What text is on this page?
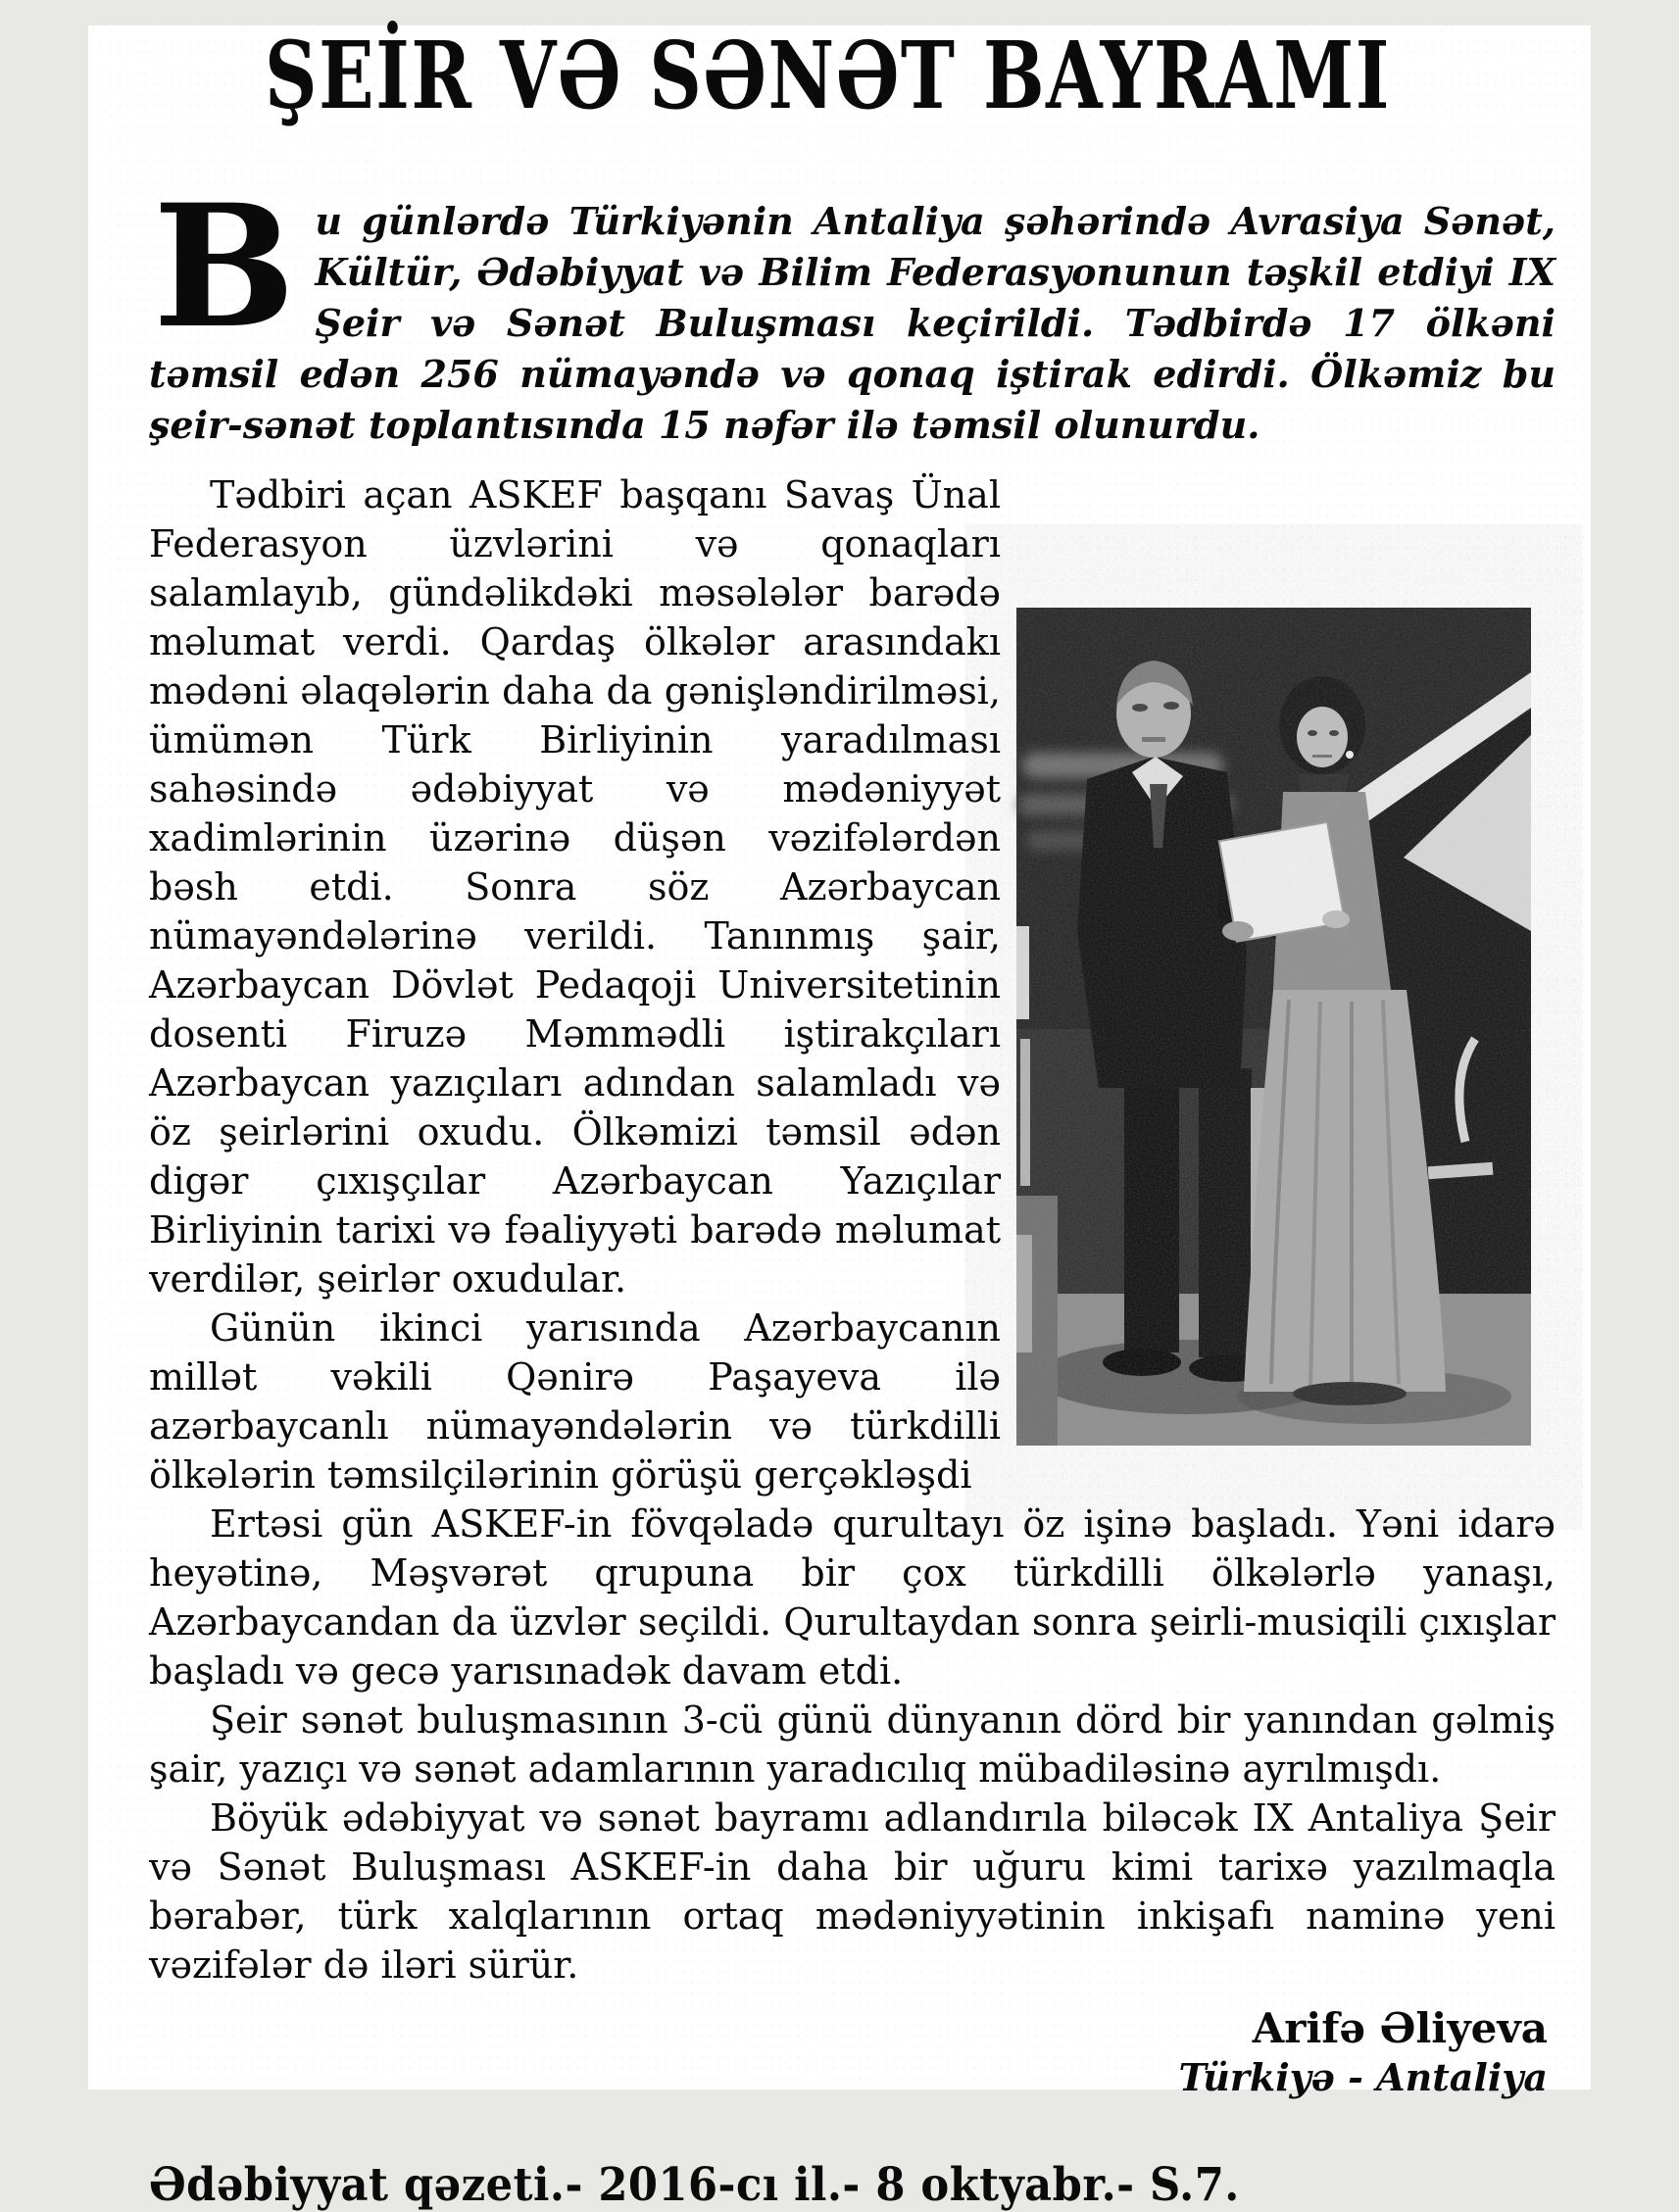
ŞEİR VƏ SƏNƏT BAYRAMI
Bu günlərdə Türkiyənin Antaliya şəhərində Avrasiya Sənət, Kültür, Ədəbiyyat və Bilim Federasyonunun təşkil etdiyi IX Şeir və Sənət Buluşması keçirildi. Tədbirdə 17 ölkəni təmsil edən 256 nümayəndə və qonaq iştirak edirdi. Ölkəmiz bu şeir-sənət toplantısında 15 nəfər ilə təmsil olunurdu.

Tədbiri açan ASKEF başqanı Savaş Ünal Federasyon üzvlərini və qonaqları salamlayıb, gündəlikdəki məsələlər barədə məlumat verdi. Qardaş ölkələr arasındakı mədəni əlaqələrin daha da gənişləndirilməsi, ümümən Türk Birliyinin yaradılması sahəsində ədəbiyyat və mədəniyyət xadimlərinin üzərinə düşən vəzifələrdən bəsh etdi. Sonra söz Azərbaycan nümayəndələrinə verildi. Tanınmış şair, Azərbaycan Dövlət Pedaqoji Universitetinin dosenti Firuzə Məmmədli iştirakçıları Azərbaycan yazıçıları adından salamladı və öz şeirlərini oxudu. Ölkəmizi təmsil ədən digər çıxışçılar Azərbaycan Yazıçılar Birliyinin tarixi və fəaliyyəti barədə məlumat verdilər, şeirlər oxudular.

Günün ikinci yarısında Azərbaycanın millət vəkili Qənirə Paşayeva ilə azərbaycanlı nümayəndələrin və türkdilli ölkələrin təmsilçilərinin görüşü gerçəkləşdi

Ertəsi gün ASKEF-in fövqəladə qurultayı öz işinə başladı. Yəni idarə heyətinə, Məşvərət qrupuna bir çox türkdilli ölkələrlə yanaşı, Azərbaycandan da üzvlər seçildi. Qurultaydan sonra şeirli-musiqili çıxışlar başladı və gecə yarısınadək davam etdi.

Şeir sənət buluşmasının 3-cü günü dünyanın dörd bir yanından gəlmiş şair, yazıçı və sənət adamlarının yaradıcılıq mübadiləsinə ayrılmışdı.

Böyük ədəbiyyat və sənət bayramı adlandırıla biləcək IX Antaliya Şeir və Sənət Buluşması ASKEF-in daha bir uğuru kimi tarixə yazılmaqla bərabər, türk xalqlarının ortaq mədəniyyətinin inkişafı naminə yeni vəzifələr də iləri sürür.

Arifə Əliyeva
Türkiyə - Antaliya
Ədəbiyyat qəzeti.- 2016-cı il.- 8 oktyabr.- S.7.
